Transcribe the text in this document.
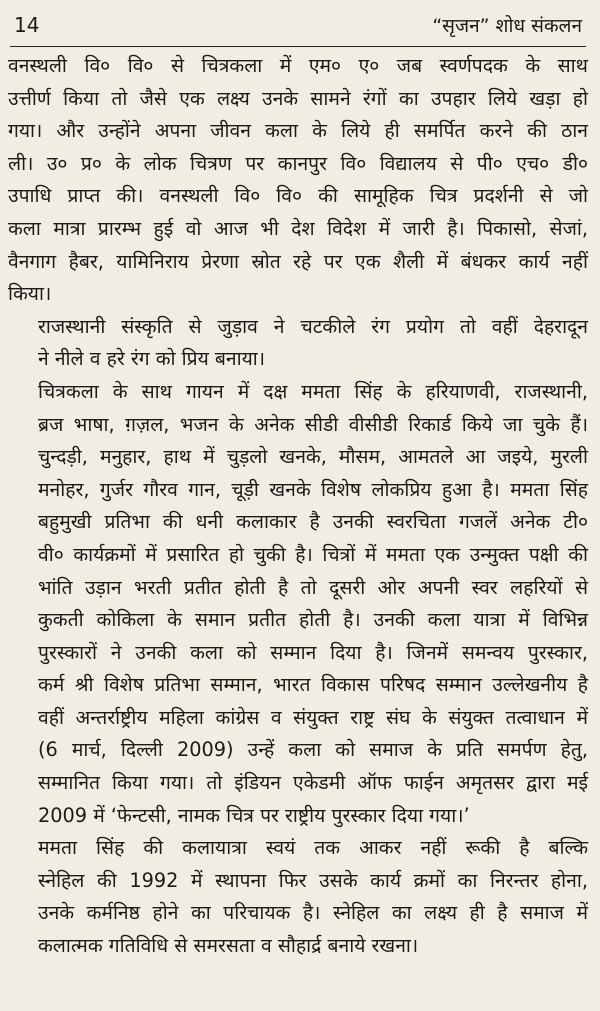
14	“सृजन” शोध संकलन

वनस्थली वि० वि० से चित्रकला में एम० ए० जब स्वर्णपदक के साथ
उत्तीर्ण किया तो जैसे एक लक्ष्य उनके सामने रंगों का उपहार लिये खड़ा हो
गया। और उन्होंने अपना जीवन कला के लिये ही समर्पित करने की ठान
ली। उ० प्र० के लोक चित्रण पर कानपुर वि० विद्यालय से पी० एच० डी०
उपाधि प्राप्त की। वनस्थली वि० वि० की सामूहिक चित्र प्रदर्शनी से जो
कला मात्रा प्रारम्भ हुई वो आज भी देश विदेश में जारी है। पिकासो, सेजां,
वैनगाग हैबर, यामिनिराय प्रेरणा स्रोत रहे पर एक शैली में बंधकर कार्य नहीं
किया।

राजस्थानी संस्कृति से जुड़ाव ने चटकीले रंग प्रयोग तो वहीं देहरादून
ने नीले व हरे रंग को प्रिय बनाया।

चित्रकला के साथ गायन में दक्ष ममता सिंह के हरियाणवी, राजस्थानी,
ब्रज भाषा, ग़ज़ल, भजन के अनेक सीडी वीसीडी रिकार्ड किये जा चुके हैं।
चुन्दड़ी, मनुहार, हाथ में चुड़लो खनके, मौसम, आमतले आ जइये, मुरली
मनोहर, गुर्जर गौरव गान, चूड़ी खनके विशेष लोकप्रिय हुआ है। ममता सिंह
बहुमुखी प्रतिभा की धनी कलाकार है उनकी स्वरचिता गजलें अनेक टी०
वी० कार्यक्रमों में प्रसारित हो चुकी है। चित्रों में ममता एक उन्मुक्त पक्षी की
भांति उड़ान भरती प्रतीत होती है तो दूसरी ओर अपनी स्वर लहरियों से
कुकती कोकिला के समान प्रतीत होती है। उनकी कला यात्रा में विभिन्न
पुरस्कारों ने उनकी कला को सम्मान दिया है। जिनमें समन्वय पुरस्कार,
कर्म श्री विशेष प्रतिभा सम्मान, भारत विकास परिषद सम्मान उल्लेखनीय है
वहीं अन्तर्राष्ट्रीय महिला कांग्रेस व संयुक्त राष्ट्र संघ के संयुक्त तत्वाधान में
(6 मार्च, दिल्ली 2009) उन्हें कला को समाज के प्रति समर्पण हेतु,
सम्मानित किया गया। तो इंडियन एकेडमी ऑफ फाईन अमृतसर द्वारा मई
2009 में ‘फेन्टसी, नामक चित्र पर राष्ट्रीय पुरस्कार दिया गया।’

ममता सिंह की कलायात्रा स्वयं तक आकर नहीं रूकी है बल्कि
स्नेहिल की 1992 में स्थापना फिर उसके कार्य क्रमों का निरन्तर होना,
उनके कर्मनिष्ठ होने का परिचायक है। स्नेहिल का लक्ष्य ही है समाज में
कलात्मक गतिविधि से समरसता व सौहार्द्र बनाये रखना।
